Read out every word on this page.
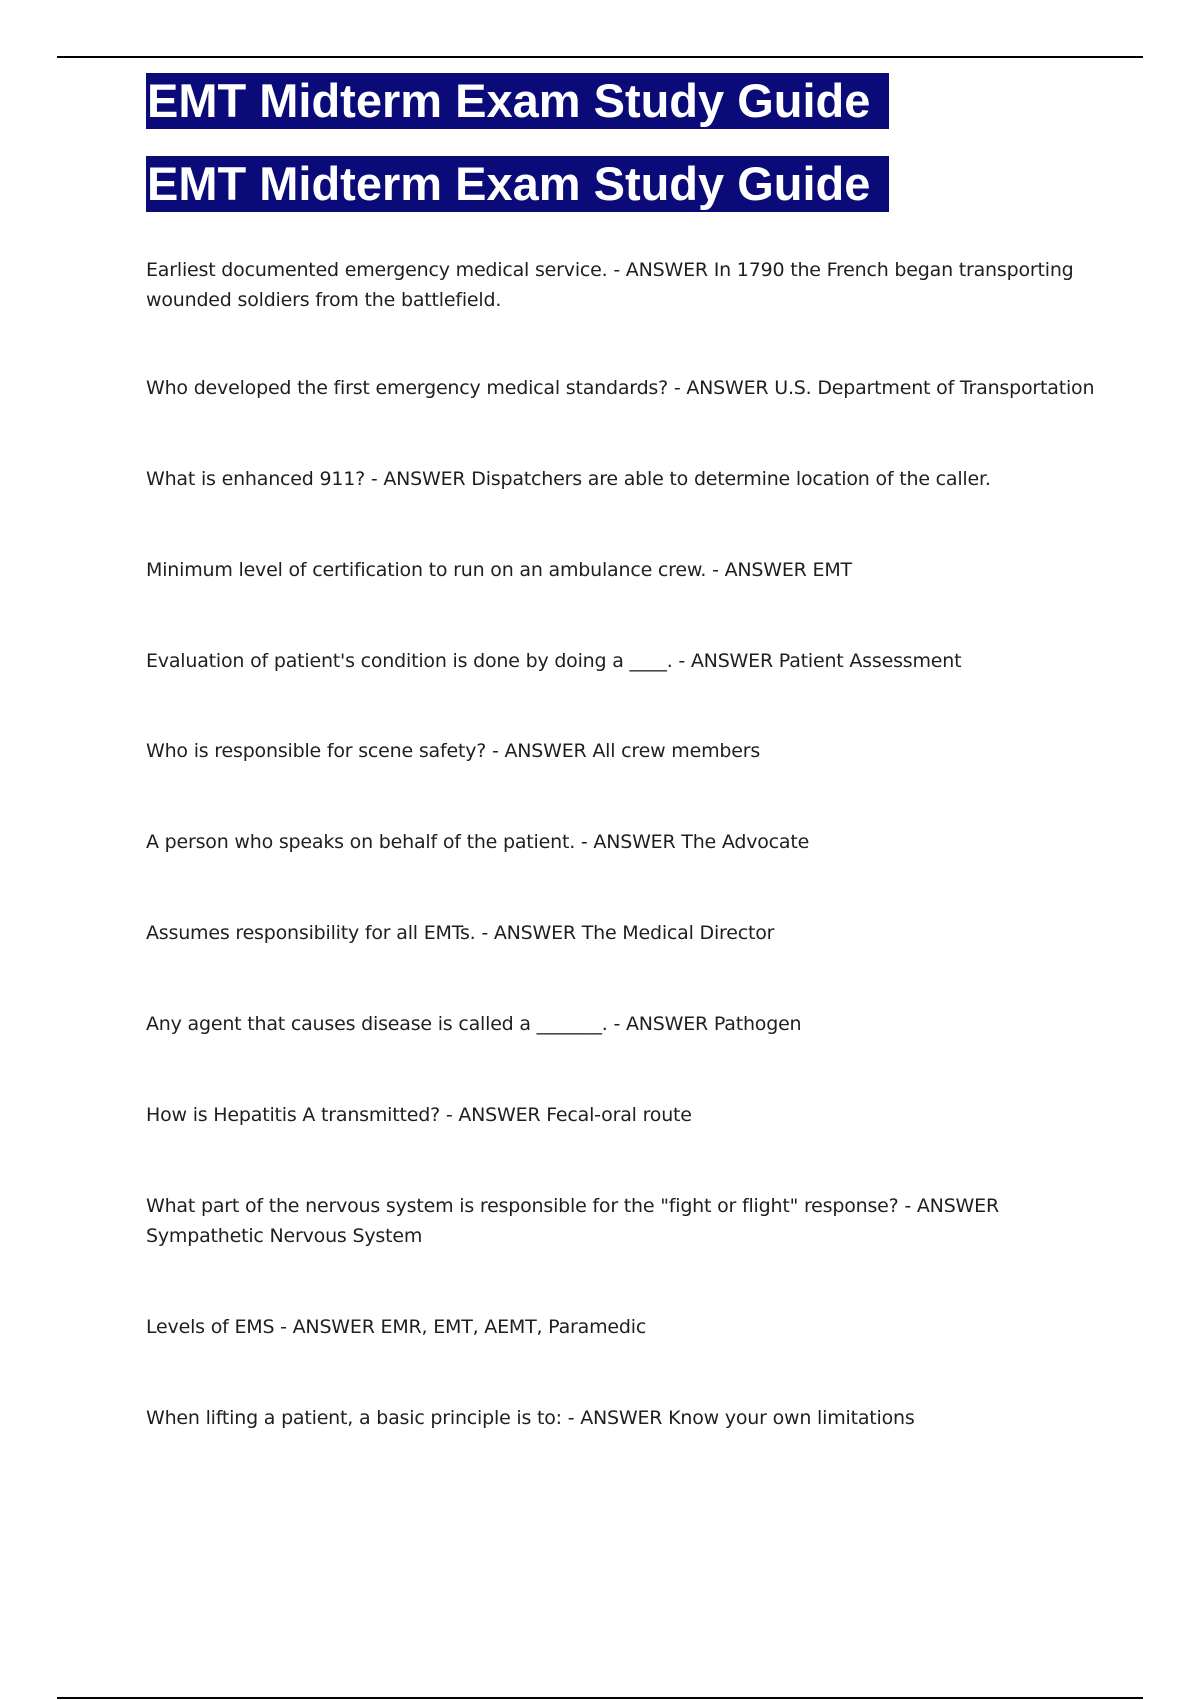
EMT Midterm Exam Study Guide
EMT Midterm Exam Study Guide
Earliest documented emergency medical service. - ANSWER In 1790 the French began transporting wounded soldiers from the battlefield.
Who developed the first emergency medical standards? - ANSWER U.S. Department of Transportation
What is enhanced 911? - ANSWER Dispatchers are able to determine location of the caller.
Minimum level of certification to run on an ambulance crew. - ANSWER EMT
Evaluation of patient's condition is done by doing a ____. - ANSWER Patient Assessment
Who is responsible for scene safety? - ANSWER All crew members
A person who speaks on behalf of the patient. - ANSWER The Advocate
Assumes responsibility for all EMTs. - ANSWER The Medical Director
Any agent that causes disease is called a _______. - ANSWER Pathogen
How is Hepatitis A transmitted? - ANSWER Fecal-oral route
What part of the nervous system is responsible for the "fight or flight" response? - ANSWER Sympathetic Nervous System
Levels of EMS - ANSWER EMR, EMT, AEMT, Paramedic
When lifting a patient, a basic principle is to: - ANSWER Know your own limitations
